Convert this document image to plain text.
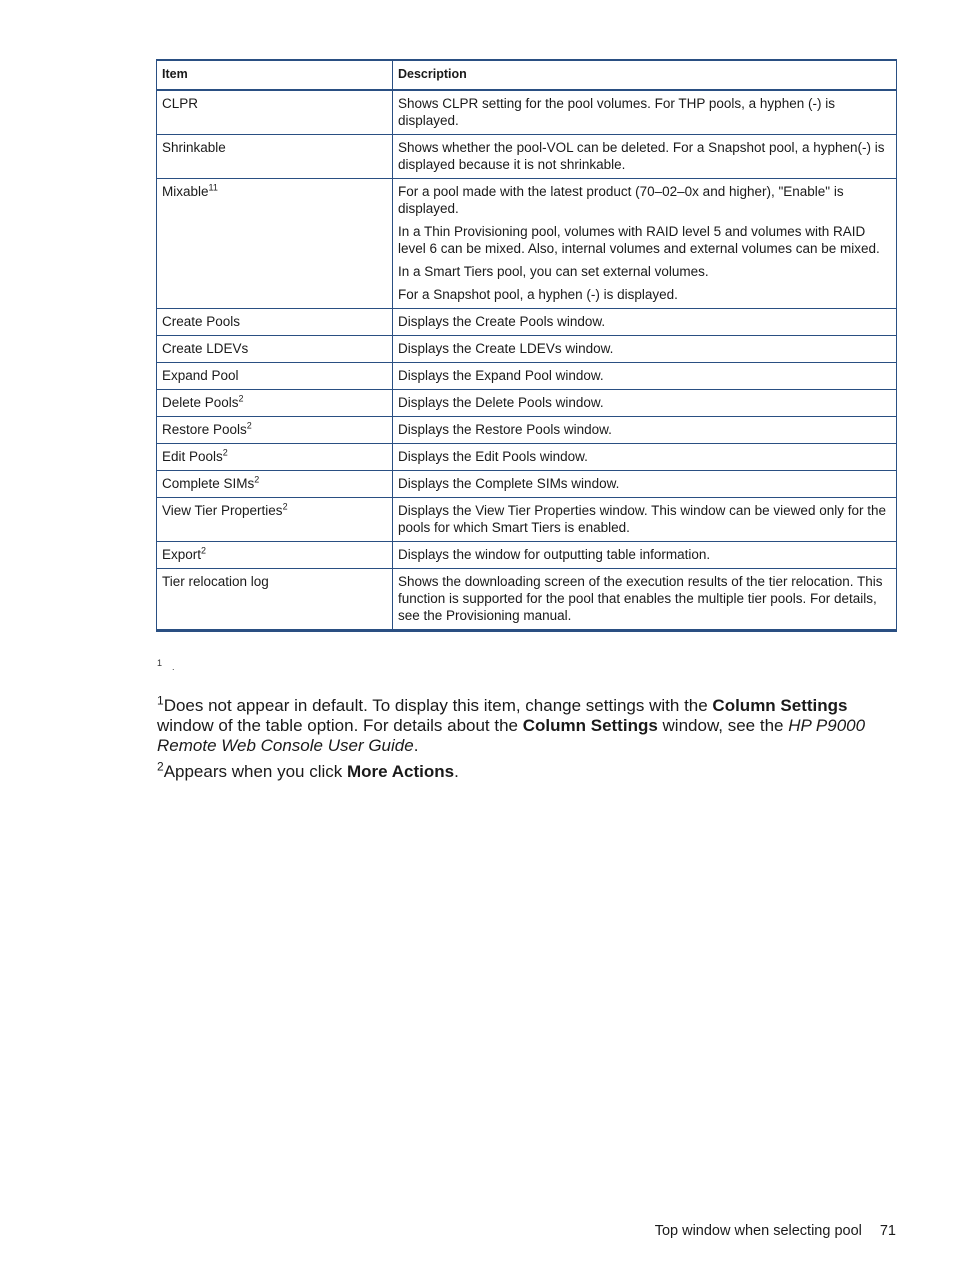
Item	Description
CLPR	Shows CLPR setting for the pool volumes. For THP pools, a hyphen (-) is displayed.

Shrinkable	Shows whether the pool-VOL can be deleted. For a Snapshot pool, a hyphen(-) is displayed because it is not shrinkable.

Mixable$^{11}$	For a pool made with the latest product (70–02–0x and higher), "Enable" is displayed.

In a Thin Provisioning pool, volumes with RAID level 5 and volumes with RAID level 6 can be mixed. Also, internal volumes and external volumes can be mixed.

In a Smart Tiers pool, you can set external volumes.

For a Snapshot pool, a hyphen (-) is displayed.

Create Pools	Displays the Create Pools window.

Create LDEVs	Displays the Create LDEVs window.

Expand Pool	Displays the Expand Pool window.

Delete Pools$^2$	Displays the Delete Pools window.

Restore Pools$^2$	Displays the Restore Pools window.

Edit Pools$^2$	Displays the Edit Pools window.

Complete SIMs$^2$	Displays the Complete SIMs window.

View Tier Properties$^2$	Displays the View Tier Properties window. This window can be viewed only for the pools for which Smart Tiers is enabled.

Export$^2$	Displays the window for outputting table information.

Tier relocation log	Shows the downloading screen of the execution results of the tier relocation. This function is supported for the pool that enables the multiple tier pools. For details, see the Provisioning manual.

$^1$ .

$^1$Does not appear in default. To display this item, change settings with the Column Settings window of the table option. For details about the Column Settings window, see the HP P9000 Remote Web Console User Guide.

$^2$Appears when you click More Actions.

Top window when selecting pool 71
